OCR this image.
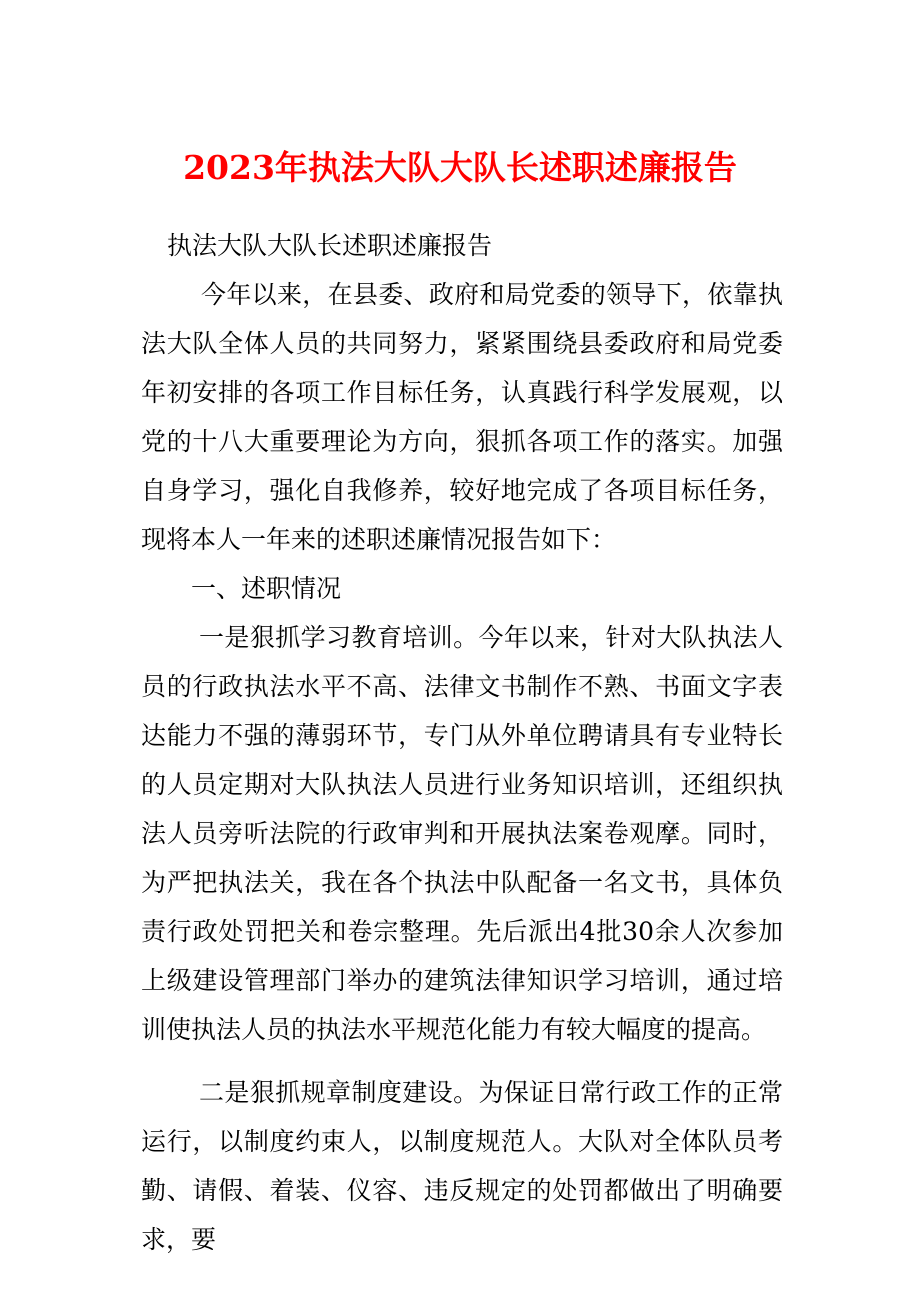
2023年执法大队大队长述职述廉报告

执法大队大队长述职述廉报告

今年以来，在县委、政府和局党委的领导下，依靠执法大队全体人员的共同努力，紧紧围绕县委政府和局党委年初安排的各项工作目标任务，认真践行科学发展观，以党的十八大重要理论为方向，狠抓各项工作的落实。加强自身学习，强化自我修养，较好地完成了各项目标任务，现将本人一年来的述职述廉情况报告如下：

一、述职情况

一是狠抓学习教育培训。今年以来，针对大队执法人员的行政执法水平不高、法律文书制作不熟、书面文字表达能力不强的薄弱环节，专门从外单位聘请具有专业特长的人员定期对大队执法人员进行业务知识培训，还组织执法人员旁听法院的行政审判和开展执法案卷观摩。同时，为严把执法关，我在各个执法中队配备一名文书，具体负责行政处罚把关和卷宗整理。先后派出4批30余人次参加上级建设管理部门举办的建筑法律知识学习培训，通过培训使执法人员的执法水平规范化能力有较大幅度的提高。

二是狠抓规章制度建设。为保证日常行政工作的正常运行，以制度约束人，以制度规范人。大队对全体队员考勤、请假、着装、仪容、违反规定的处罚都做出了明确要求，要
